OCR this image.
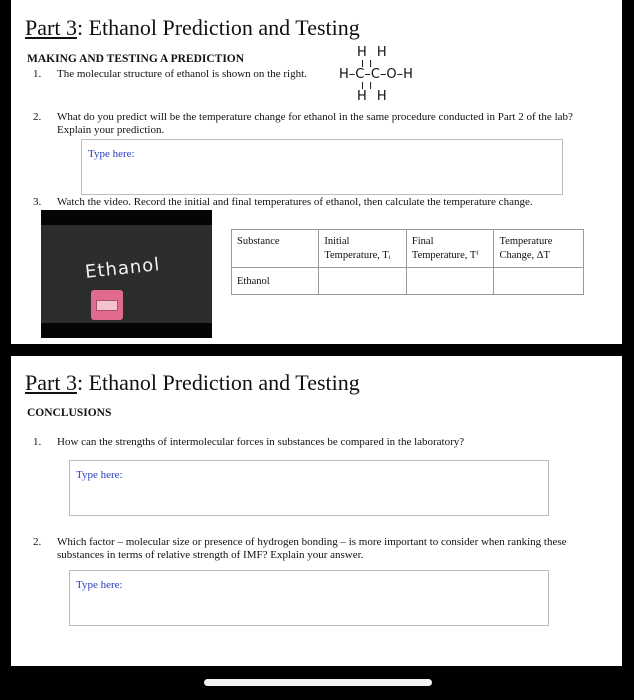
Part 3: Ethanol Prediction and Testing
MAKING AND TESTING A PREDICTION
1. The molecular structure of ethanol is shown on the right.
H H
I I
H–C–C–O–H
I I
H H
2. What do you predict will be the temperature change for ethanol in the same procedure conducted in Part 2 of the lab? Explain your prediction.
Type here:
3. Watch the video. Record the initial and final temperatures of ethanol, then calculate the temperature change.
Ethanol
Substance	Initial Temperature, Tᵢ	Final Temperature, Tᶠ	Temperature Change, ΔT
Ethanol			
Part 3: Ethanol Prediction and Testing
CONCLUSIONS
1. How can the strengths of intermolecular forces in substances be compared in the laboratory?
Type here:
2. Which factor – molecular size or presence of hydrogen bonding – is more important to consider when ranking these substances in terms of relative strength of IMF? Explain your answer.
Type here:
